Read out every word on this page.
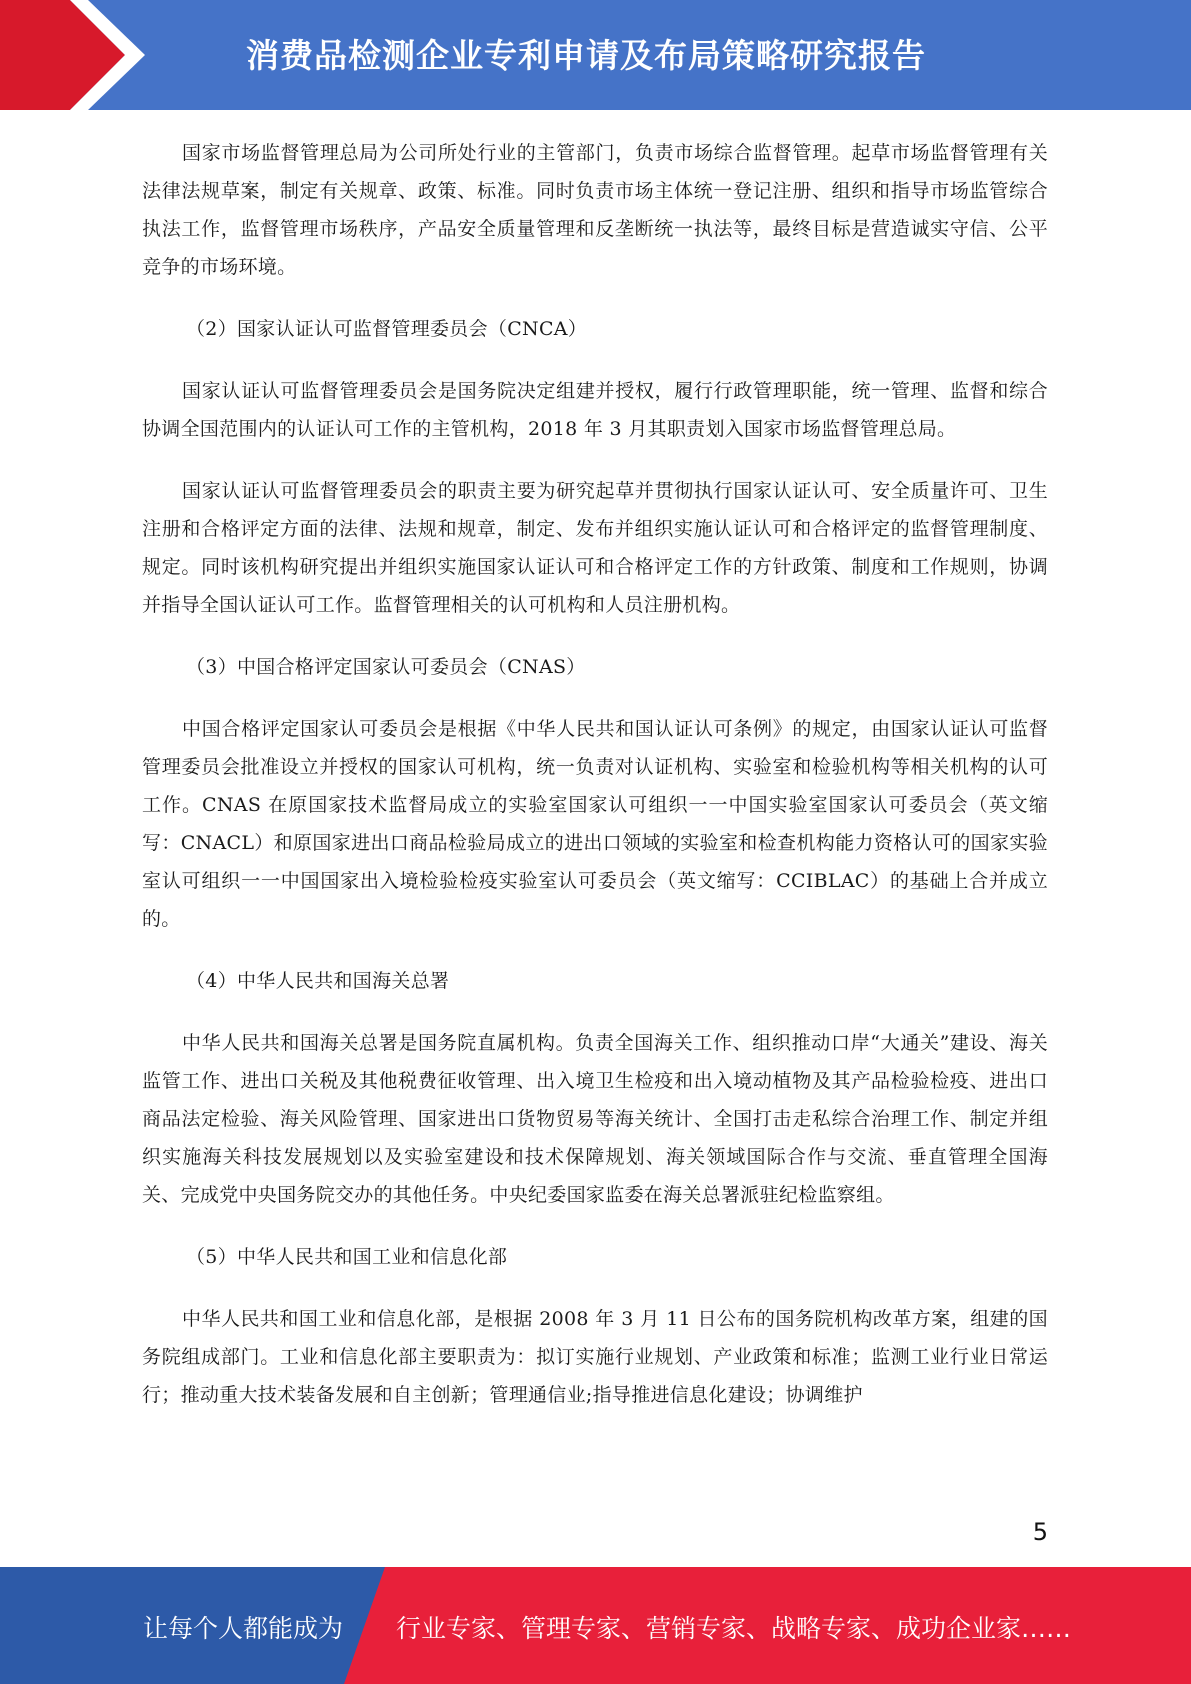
消费品检测企业专利申请及布局策略研究报告

国家市场监督管理总局为公司所处行业的主管部门，负责市场综合监督管理。起草市场监督管理有关法律法规草案，制定有关规章、政策、标准。同时负责市场主体统一登记注册、组织和指导市场监管综合执法工作，监督管理市场秩序，产品安全质量管理和反垄断统一执法等，最终目标是营造诚实守信、公平竞争的市场环境。

（2）国家认证认可监督管理委员会（CNCA）

国家认证认可监督管理委员会是国务院决定组建并授权，履行行政管理职能，统一管理、监督和综合协调全国范围内的认证认可工作的主管机构，2018 年 3 月其职责划入国家市场监督管理总局。

国家认证认可监督管理委员会的职责主要为研究起草并贯彻执行国家认证认可、安全质量许可、卫生注册和合格评定方面的法律、法规和规章，制定、发布并组织实施认证认可和合格评定的监督管理制度、规定。同时该机构研究提出并组织实施国家认证认可和合格评定工作的方针政策、制度和工作规则，协调并指导全国认证认可工作。监督管理相关的认可机构和人员注册机构。

（3）中国合格评定国家认可委员会（CNAS）

中国合格评定国家认可委员会是根据《中华人民共和国认证认可条例》的规定，由国家认证认可监督管理委员会批准设立并授权的国家认可机构，统一负责对认证机构、实验室和检验机构等相关机构的认可工作。CNAS 在原国家技术监督局成立的实验室国家认可组织一一中国实验室国家认可委员会（英文缩写：CNACL）和原国家进出口商品检验局成立的进出口领域的实验室和检查机构能力资格认可的国家实验室认可组织一一中国国家出入境检验检疫实验室认可委员会（英文缩写：CCIBLAC）的基础上合并成立的。

（4）中华人民共和国海关总署

中华人民共和国海关总署是国务院直属机构。负责全国海关工作、组织推动口岸“大通关”建设、海关监管工作、进出口关税及其他税费征收管理、出入境卫生检疫和出入境动植物及其产品检验检疫、进出口商品法定检验、海关风险管理、国家进出口货物贸易等海关统计、全国打击走私综合治理工作、制定并组织实施海关科技发展规划以及实验室建设和技术保障规划、海关领域国际合作与交流、垂直管理全国海关、完成党中央国务院交办的其他任务。中央纪委国家监委在海关总署派驻纪检监察组。

（5）中华人民共和国工业和信息化部

中华人民共和国工业和信息化部，是根据 2008 年 3 月 11 日公布的国务院机构改革方案，组建的国务院组成部门。工业和信息化部主要职责为：拟订实施行业规划、产业政策和标准；监测工业行业日常运行；推动重大技术装备发展和自主创新；管理通信业;指导推进信息化建设；协调维护

5
让每个人都能成为 行业专家、管理专家、营销专家、战略专家、成功企业家……
